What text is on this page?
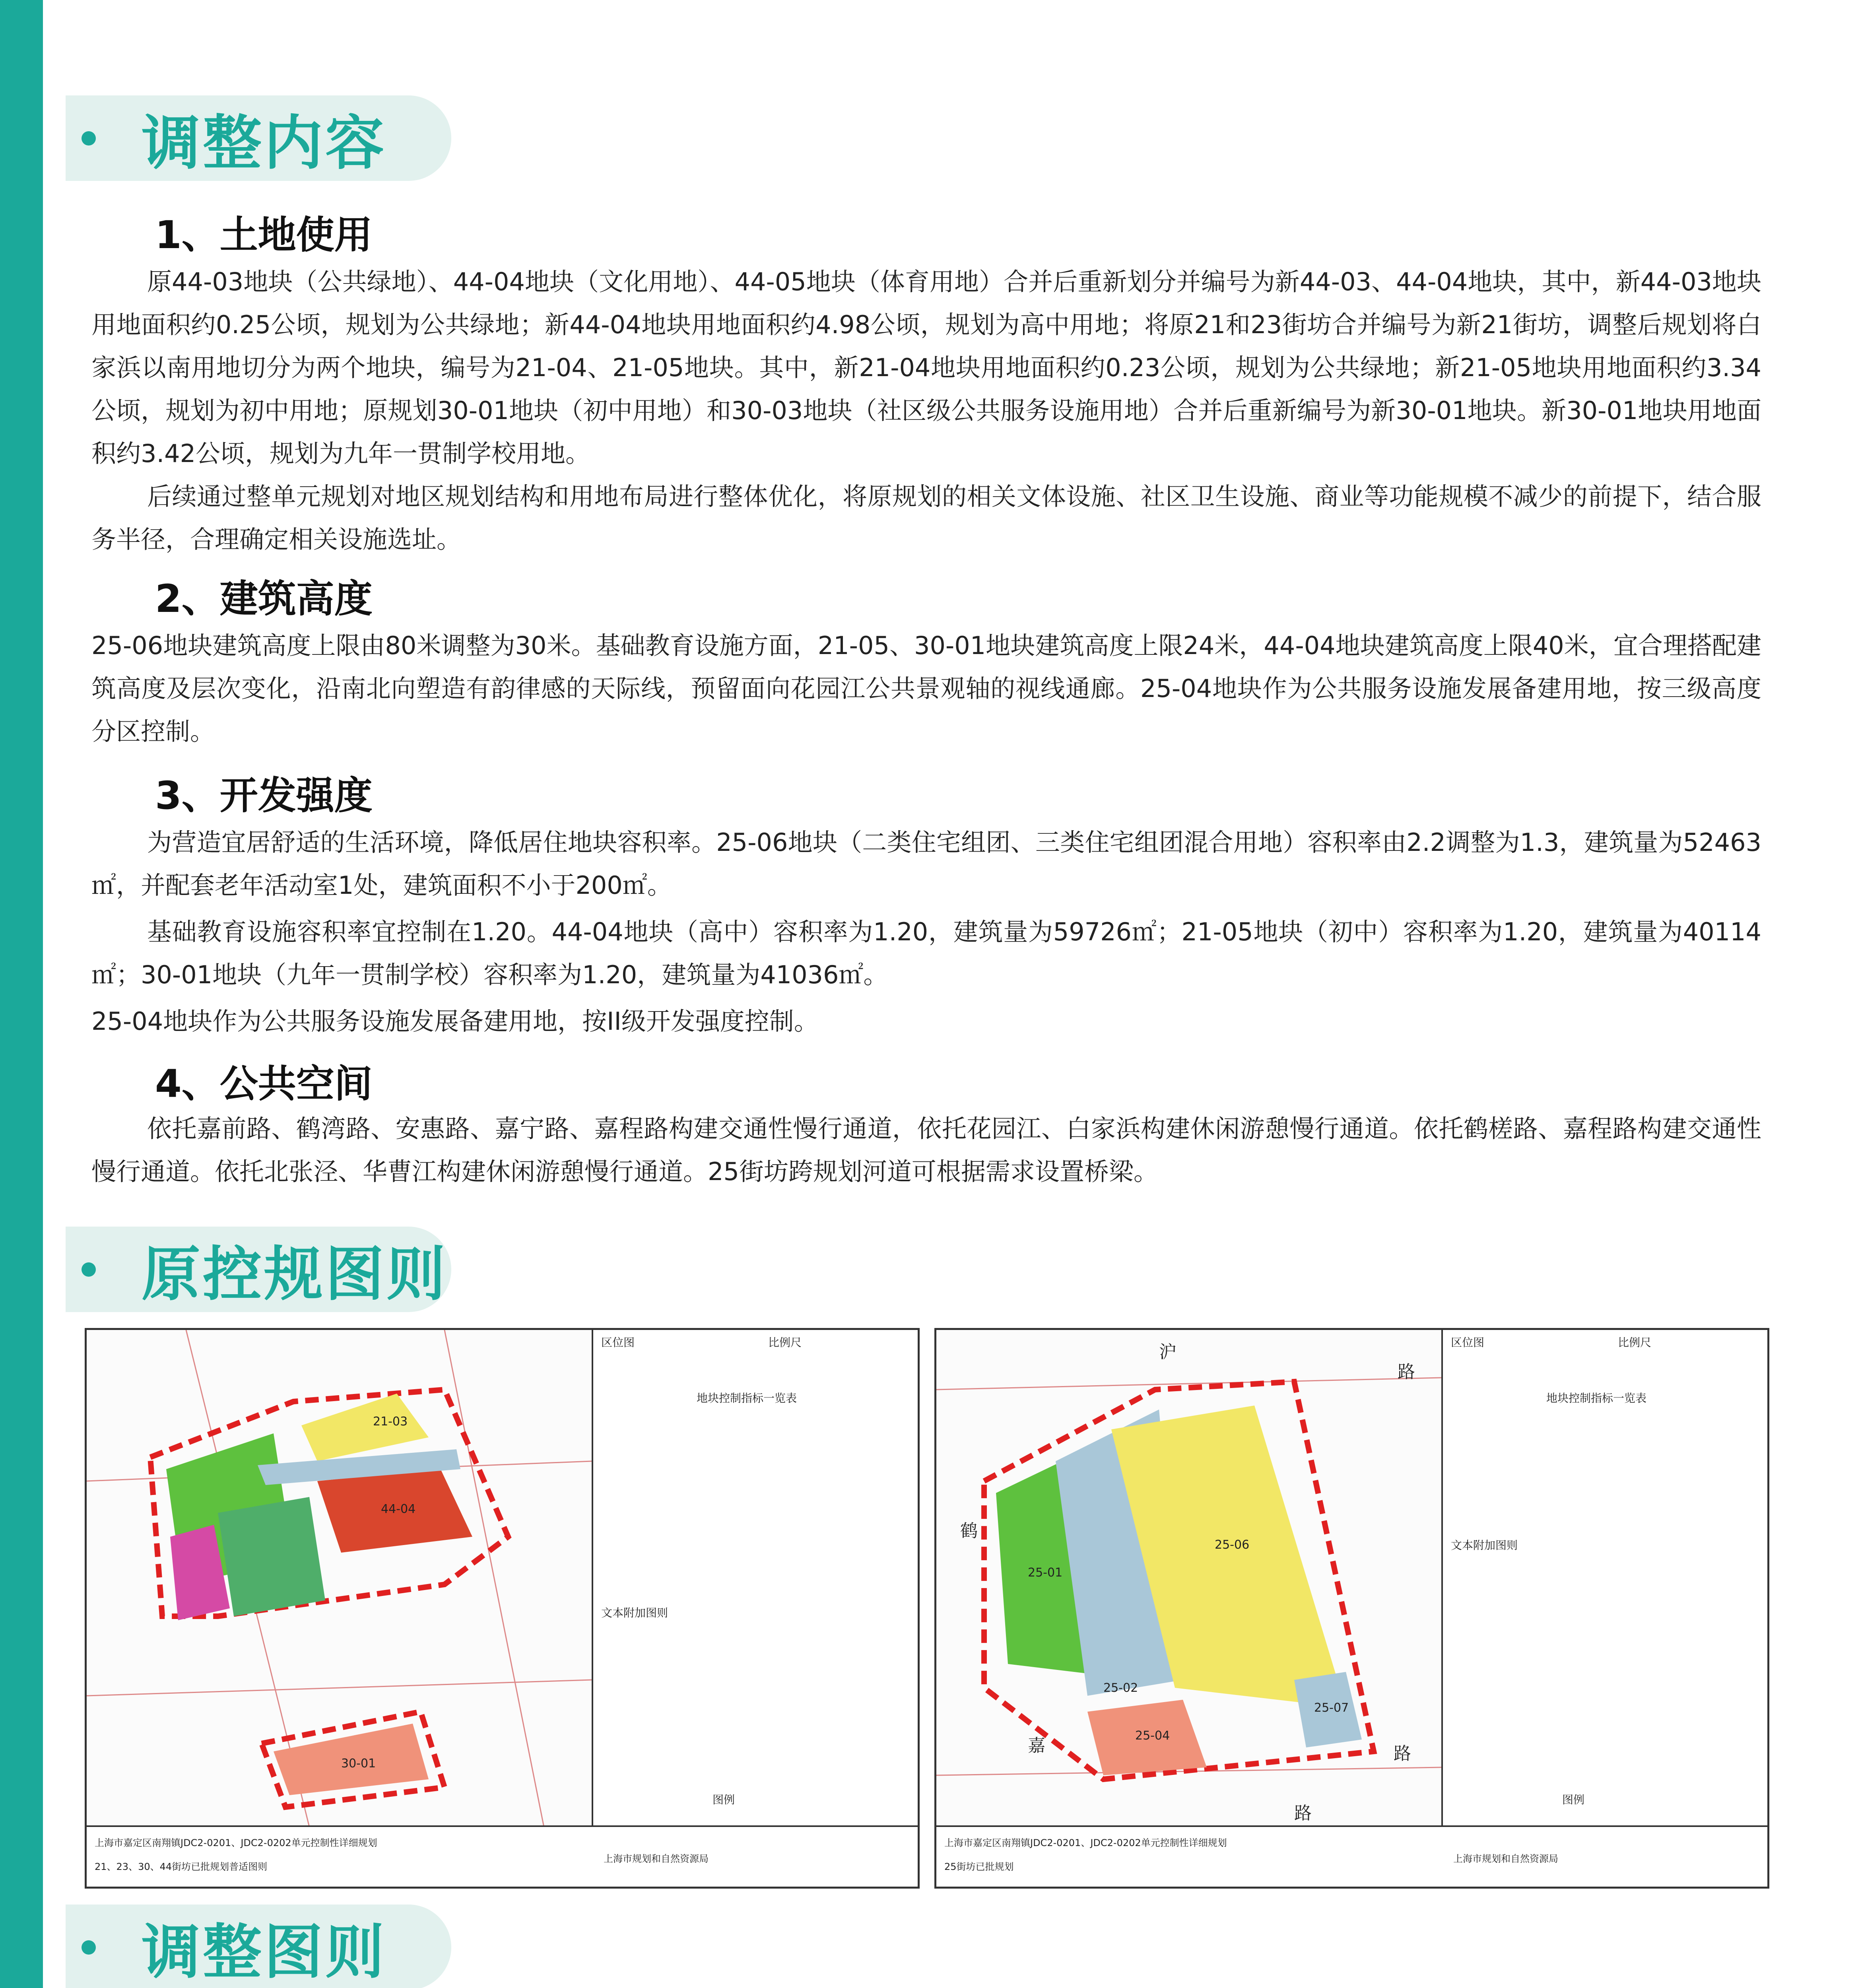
调整内容
1、土地使用

原44-03地块（公共绿地）、44-04地块（文化用地）、44-05地块（体育用地）合并后重新划分并编号为新44-03、44-04地块，其中，新44-03地块用地面积约0.25公顷，规划为公共绿地；新44-04地块用地面积约4.98公顷，规划为高中用地；将原21和23街坊合并编号为新21街坊，调整后规划将白家浜以南用地切分为两个地块，编号为21-04、21-05地块。其中，新21-04地块用地面积约0.23公顷，规划为公共绿地；新21-05地块用地面积约3.34公顷，规划为初中用地；原规划30-01地块（初中用地）和30-03地块（社区级公共服务设施用地）合并后重新编号为新30-01地块。新30-01地块用地面积约3.42公顷，规划为九年一贯制学校用地。

后续通过整单元规划对地区规划结构和用地布局进行整体优化，将原规划的相关文体设施、社区卫生设施、商业等功能规模不减少的前提下，结合服务半径，合理确定相关设施选址。

2、建筑高度

25-06地块建筑高度上限由80米调整为30米。基础教育设施方面，21-05、30-01地块建筑高度上限24米，44-04地块建筑高度上限40米，宜合理搭配建筑高度及层次变化，沿南北向塑造有韵律感的天际线，预留面向花园江公共景观轴的视线通廊。25-04地块作为公共服务设施发展备建用地，按三级高度分区控制。

3、开发强度

为营造宜居舒适的生活环境，降低居住地块容积率。25-06地块（二类住宅组团、三类住宅组团混合用地）容积率由2.2调整为1.3，建筑量为52463㎡，并配套老年活动室1处，建筑面积不小于200㎡。

基础教育设施容积率宜控制在1.20。44-04地块（高中）容积率为1.20，建筑量为59726㎡；21-05地块（初中）容积率为1.20，建筑量为40114㎡；30-01地块（九年一贯制学校）容积率为1.20，建筑量为41036㎡。

25-04地块作为公共服务设施发展备建用地，按II级开发强度控制。

4、公共空间

依托嘉前路、鹤湾路、安惠路、嘉宁路、嘉程路构建交通性慢行通道，依托花园江、白家浜构建休闲游憩慢行通道。依托鹤槎路、嘉程路构建交通性慢行通道。依托北张泾、华曹江构建休闲游憩慢行通道。25街坊跨规划河道可根据需求设置桥梁。

原控规图则
21-03
44-04
30-01
区位图	比例尺
地块控制指标一览表
文本附加图则
图例
上海市嘉定区南翔镇JDC2-0201、JDC2-0202单元控制性详细规划
21、23、30、44街坊已批规划普适图则
上海市规划和自然资源局
25-06
25-01
25-02
25-04
25-07
沪
路
鹤
嘉	路
路
区位图	比例尺
地块控制指标一览表
文本附加图则
图例
上海市嘉定区南翔镇JDC2-0201、JDC2-0202单元控制性详细规划
25街坊已批规划
上海市规划和自然资源局
调整图则
